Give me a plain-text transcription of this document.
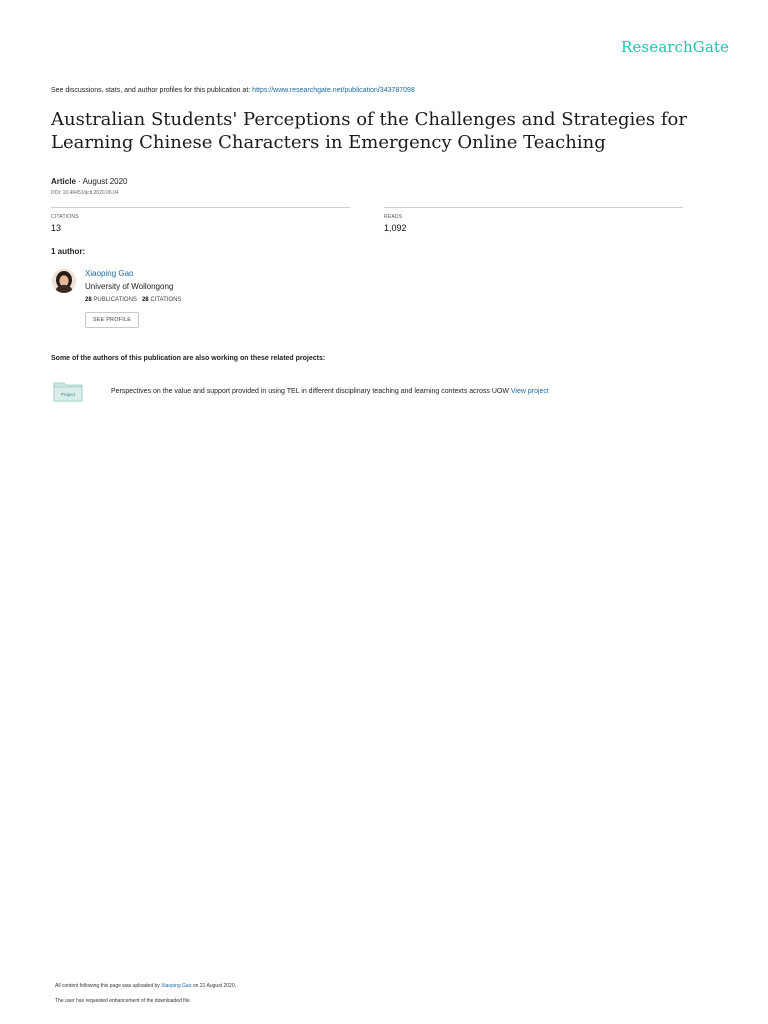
ResearchGate
See discussions, stats, and author profiles for this publication at: https://www.researchgate.net/publication/343787098
Australian Students' Perceptions of the Challenges and Strategies for Learning Chinese Characters in Emergency Online Teaching
Article · August 2020
DOI: 10.46451/ijclt.2020.06.04
CITATIONS
13
READS
1,092
1 author:
Xiaoping Gao
University of Wollongong
28 PUBLICATIONS 28 CITATIONS
SEE PROFILE
Some of the authors of this publication are also working on these related projects:
Project	Perspectives on the value and support provided in using TEL in different disciplinary teaching and learning contexts across UOW View project
All content following this page was uploaded by Xiaoping Gao on 21 August 2020.
The user has requested enhancement of the downloaded file.
